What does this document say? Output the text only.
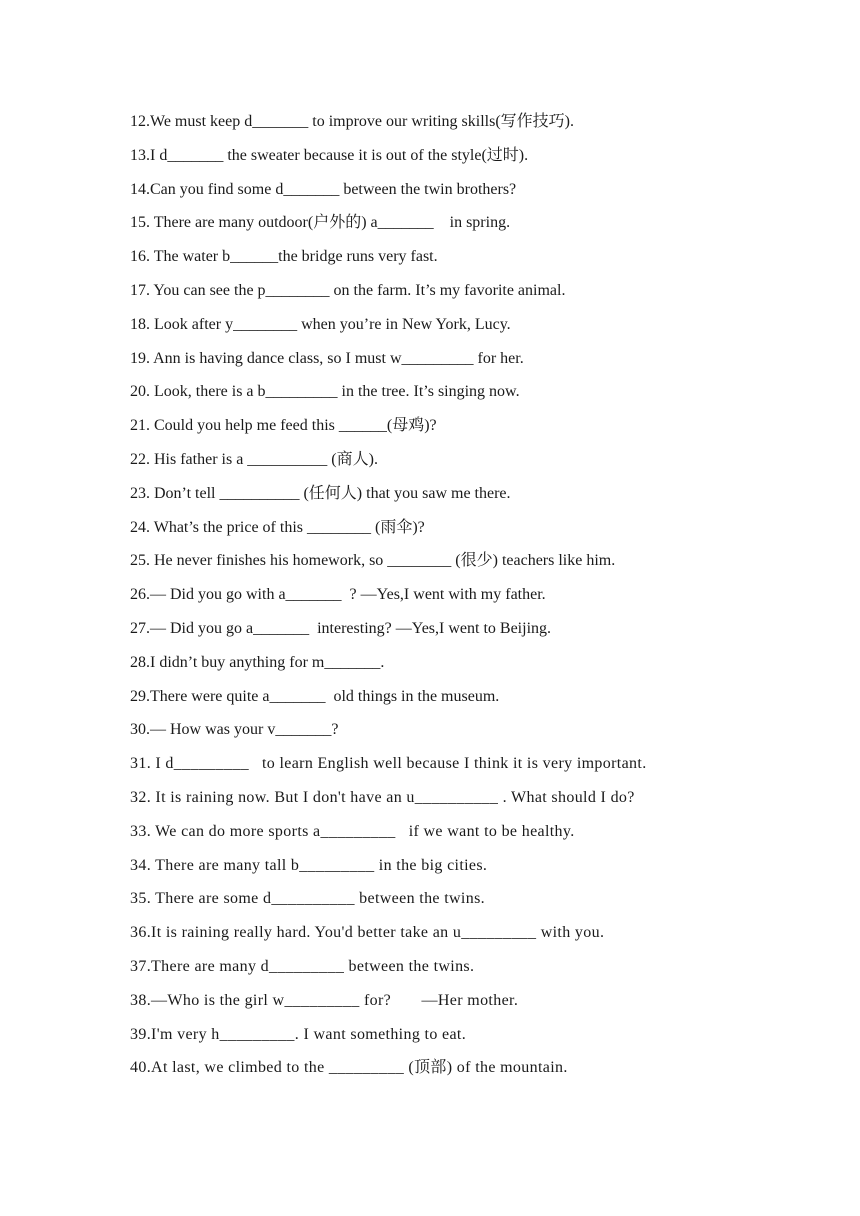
12.We must keep d_______ to improve our writing skills(写作技巧).
13.I d_______ the sweater because it is out of the style(过时).
14.Can you find some d_______ between the twin brothers?
15. There are many outdoor(户外的) a_______    in spring.
16. The water b______the bridge runs very fast.
17. You can see the p________ on the farm. It’s my favorite animal.
18. Look after y________ when you’re in New York, Lucy.
19. Ann is having dance class, so I must w_________ for her.
20. Look, there is a b_________ in the tree. It’s singing now.
21. Could you help me feed this ______(母鸡)?
22. His father is a __________ (商人).
23. Don’t tell __________ (任何人) that you saw me there.
24. What’s the price of this ________ (雨伞)?
25. He never finishes his homework, so ________ (很少) teachers like him.
26.— Did you go with a_______  ? —Yes,I went with my father.
27.— Did you go a_______  interesting? —Yes,I went to Beijing.
28.I didn’t buy anything for m_______.
29.There were quite a_______  old things in the museum.
30.— How was your v_______?
31. I d_________   to learn English well because I think it is very important.
32. It is raining now. But I don't have an u__________ . What should I do?
33. We can do more sports a_________   if we want to be healthy.
34. There are many tall b_________ in the big cities.
35. There are some d__________ between the twins.
36.It is raining really hard. You'd better take an u_________ with you.
37.There are many d_________ between the twins.
38.—Who is the girl w_________ for?       —Her mother.
39.I'm very h_________. I want something to eat.
40.At last, we climbed to the _________ (顶部) of the mountain.
